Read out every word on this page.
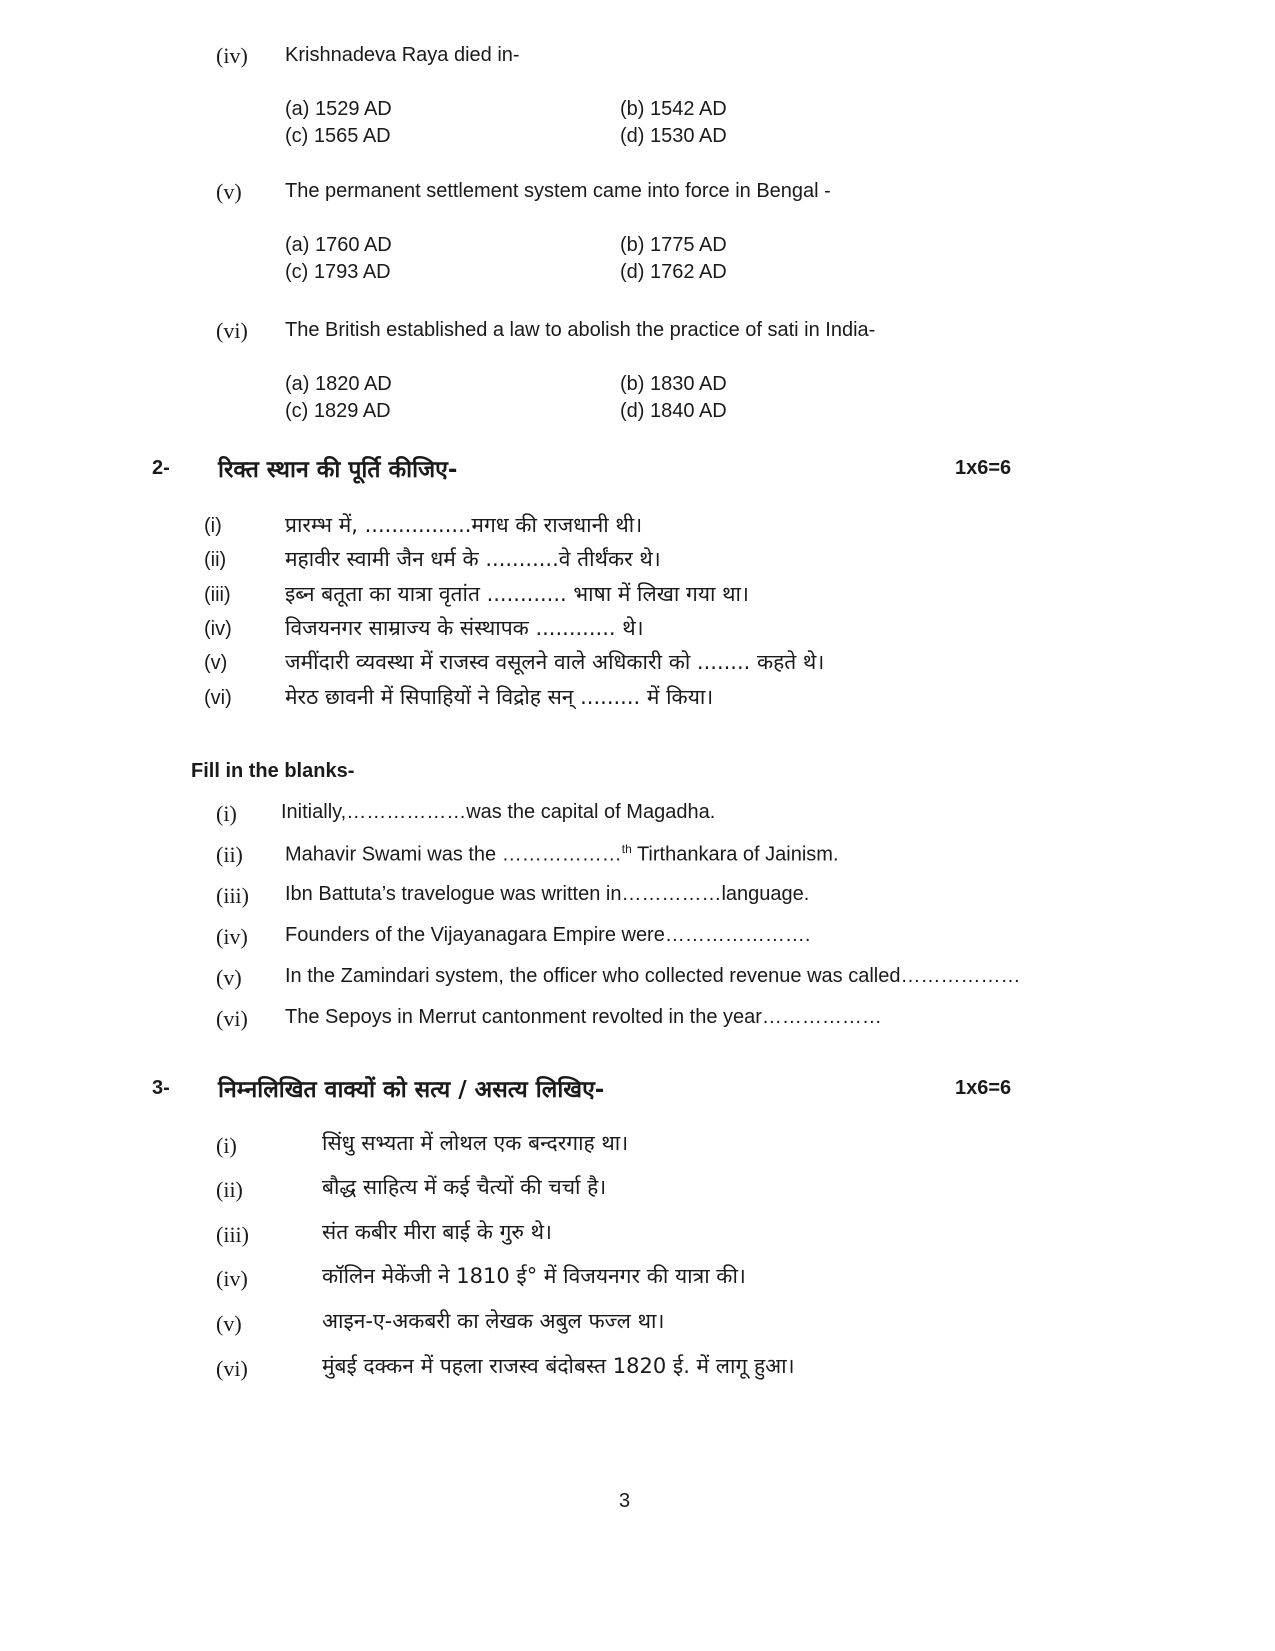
(iv) Krishnadeva Raya died in-
(a) 1529 AD	(b) 1542 AD
(c) 1565 AD	(d) 1530 AD
(v) The permanent settlement system came into force in Bengal -
(a) 1760 AD	(b) 1775 AD
(c) 1793 AD	(d) 1762 AD
(vi) The British established a law to abolish the practice of sati in India-
(a) 1820 AD	(b) 1830 AD
(c) 1829 AD	(d) 1840 AD
2- रिक्त स्थान की पूर्ति कीजिए-	1x6=6
(i)	प्रारम्भ में, ................मगध की राजधानी थी।
(ii)	महावीर स्वामी जैन धर्म के ...........वे तीर्थंकर थे।
(iii)	इब्न बतूता का यात्रा वृतांत ............ भाषा में लिखा गया था।
(iv)	विजयनगर साम्राज्य के संस्थापक ............ थे।
(v)	जमींदारी व्यवस्था में राजस्व वसूलने वाले अधिकारी को ........ कहते थे।
(vi)	मेरठ छावनी में सिपाहियों ने विद्रोह सन् ......... में किया।
Fill in the blanks-
(i) Initially,………………was the capital of Magadha.
(ii) Mahavir Swami was the ………………$^{th}$ Tirthankara of Jainism.
(iii) Ibn Battuta’s travelogue was written in……………language.
(iv) Founders of the Vijayanagara Empire were………………….
(v) In the Zamindari system, the officer who collected revenue was called………………
(vi) The Sepoys in Merrut cantonment revolted in the year………………
3- निम्नलिखित वाक्यों को सत्य / असत्य लिखिए-	1x6=6
(i)	सिंधु सभ्यता में लोथल एक बन्दरगाह था।
(ii)	बौद्ध साहित्य में कई चैत्यों की चर्चा है।
(iii)	संत कबीर मीरा बाई के गुरु थे।
(iv)	कॉलिन मेकेंजी ने 1810 ई° में विजयनगर की यात्रा की।
(v)	आइन-ए-अकबरी का लेखक अबुल फज्ल था।
(vi)	मुंबई दक्कन में पहला राजस्व बंदोबस्त 1820 ई. में लागू हुआ।
3
